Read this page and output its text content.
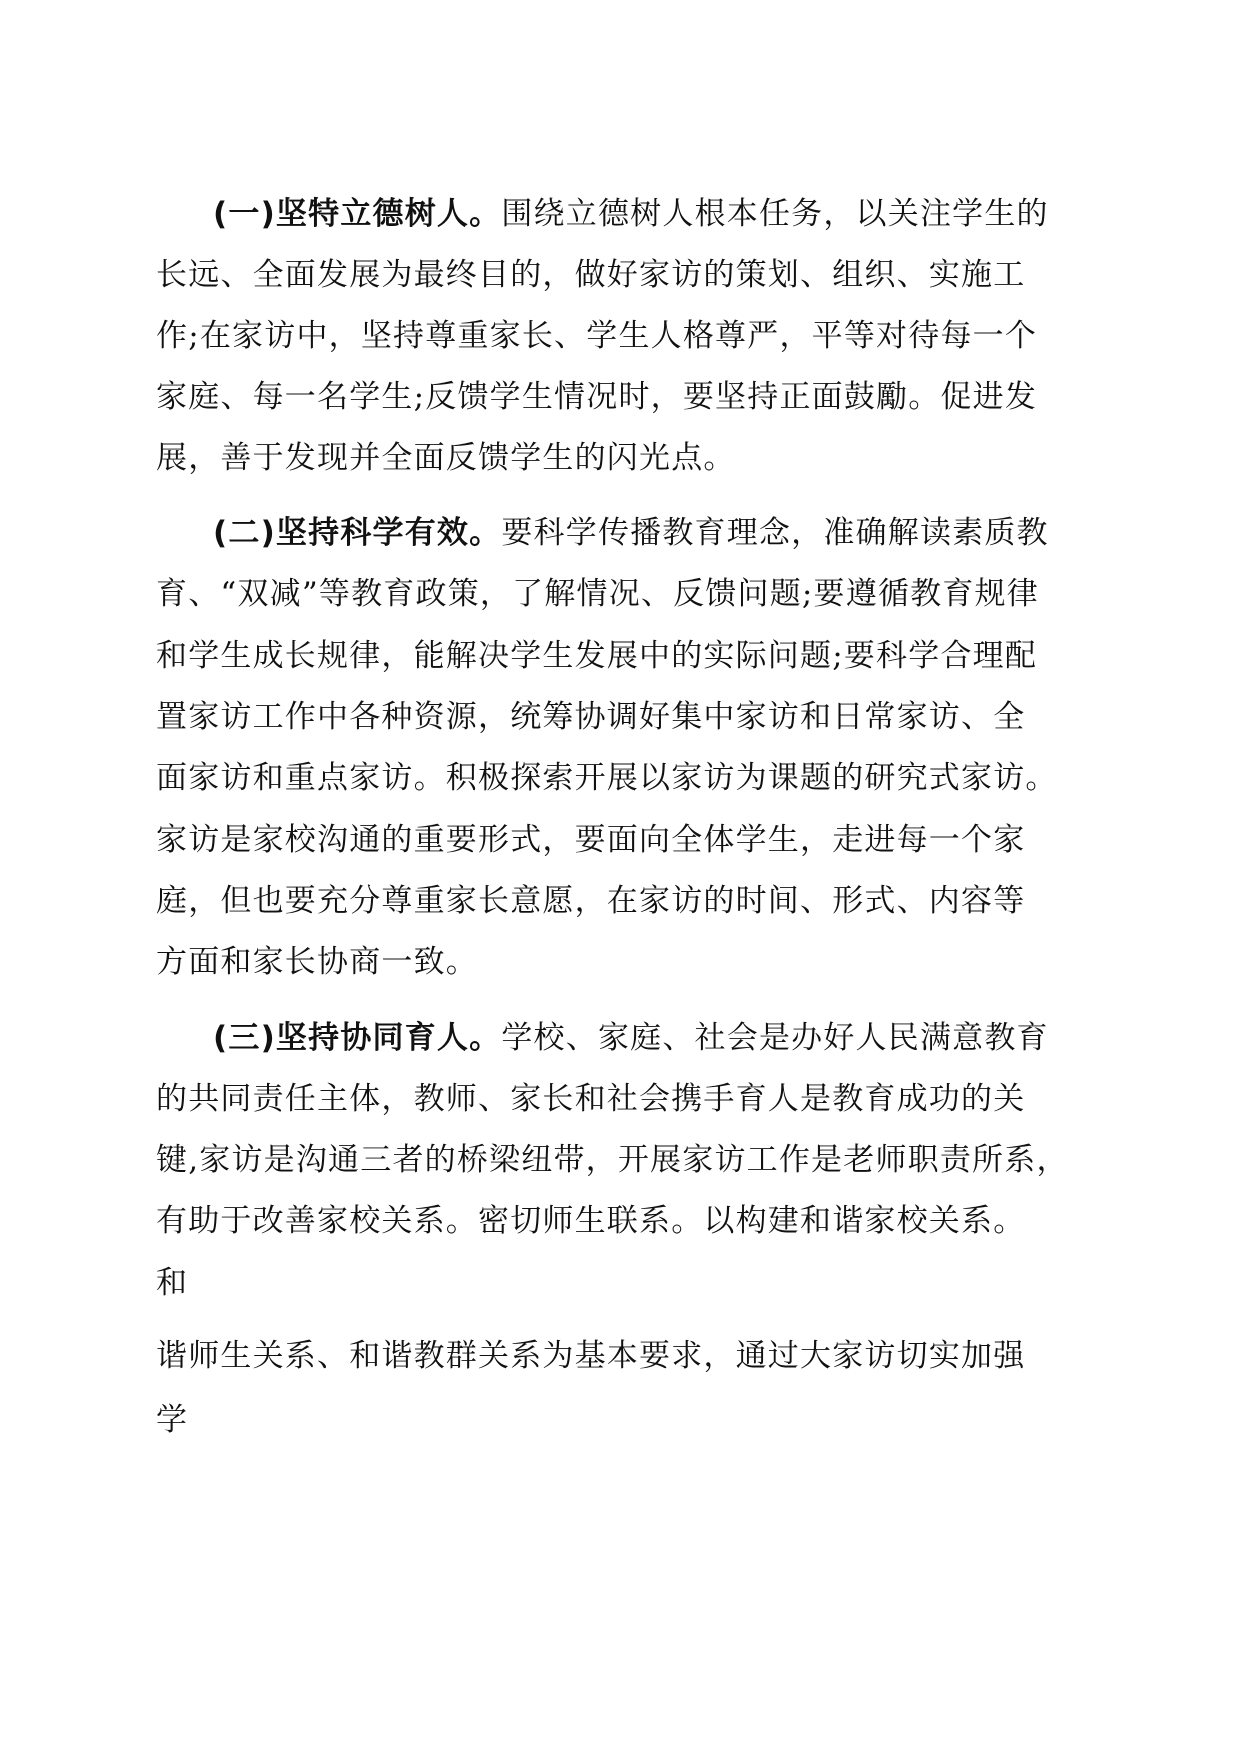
(一)坚特立德树人。围绕立德树人根本任务，以关注学生的
长远、全面发展为最终目的，做好家访的策划、组织、实施工
作;在家访中，坚持尊重家长、学生人格尊严，平等对待每一个
家庭、每一名学生;反馈学生情况时，要坚持正面鼓勵。促进发
展，善于发现并全面反馈学生的闪光点。
(二)坚持科学有效。要科学传播教育理念，准确解读素质教
育、“双减”等教育政策，了解情况、反馈问题;要遵循教育规律
和学生成长规律，能解决学生发展中的实际问题;要科学合理配
置家访工作中各种资源，统筹协调好集中家访和日常家访、全
面家访和重点家访。积极探索开展以家访为课题的研究式家访。
家访是家校沟通的重要形式，要面向全体学生，走进每一个家
庭，但也要充分尊重家长意愿，在家访的时间、形式、内容等
方面和家长协商一致。
(三)坚持协同育人。学校、家庭、社会是办好人民满意教育
的共同责任主体，教师、家长和社会携手育人是教育成功的关
键,家访是沟通三者的桥梁纽带，开展家访工作是老师职责所系，
有助于改善家校关系。密切师生联系。以构建和谐家校关系。
和
谐师生关系、和谐教群关系为基本要求，通过大家访切实加强
学
